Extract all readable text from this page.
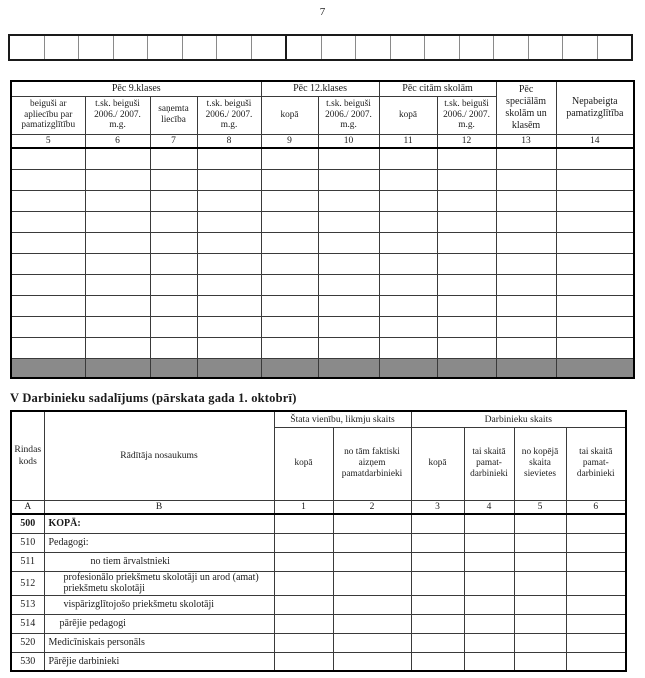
7
Pēc 9.klases				Pēc 12.klases		Pēc citām skolām		Pēc speciālām skolām un klasēm	Nepabeigta pamatizglītība
beiguši ar apliecību par pamatizglītību	t.sk. beiguši 2006./ 2007. m.g.	saņemta liecība	t.sk. beiguši 2006./ 2007. m.g.	kopā	t.sk. beiguši 2006./ 2007. m.g.	kopā	t.sk. beiguši 2006./ 2007. m.g.		
5	6	7	8	9	10	11	12	13	14

V Darbinieku sadalījums (pārskata gada 1. oktobrī)
Rindas kods	Rādītāja nosaukums	Štata vienību, likmju skaits		Darbinieku skaits			
		kopā	no tām faktiski aizņem pamatdarbinieki	kopā	tai skaitā pamat-darbinieki	no kopējā skaita sievietes	tai skaitā pamat-darbinieki
A	B	1	2	3	4	5	6
500	KOPĀ:						
510	Pedagogi:						
511	no tiem ārvalstnieki						
512	profesionālo priekšmetu skolotāji un arod (amat) priekšmetu skolotāji						
513	vispārizglītojošo priekšmetu skolotāji						
514	pārējie pedagogi						
520	Medicīniskais personāls						
530	Pārējie darbinieki						
